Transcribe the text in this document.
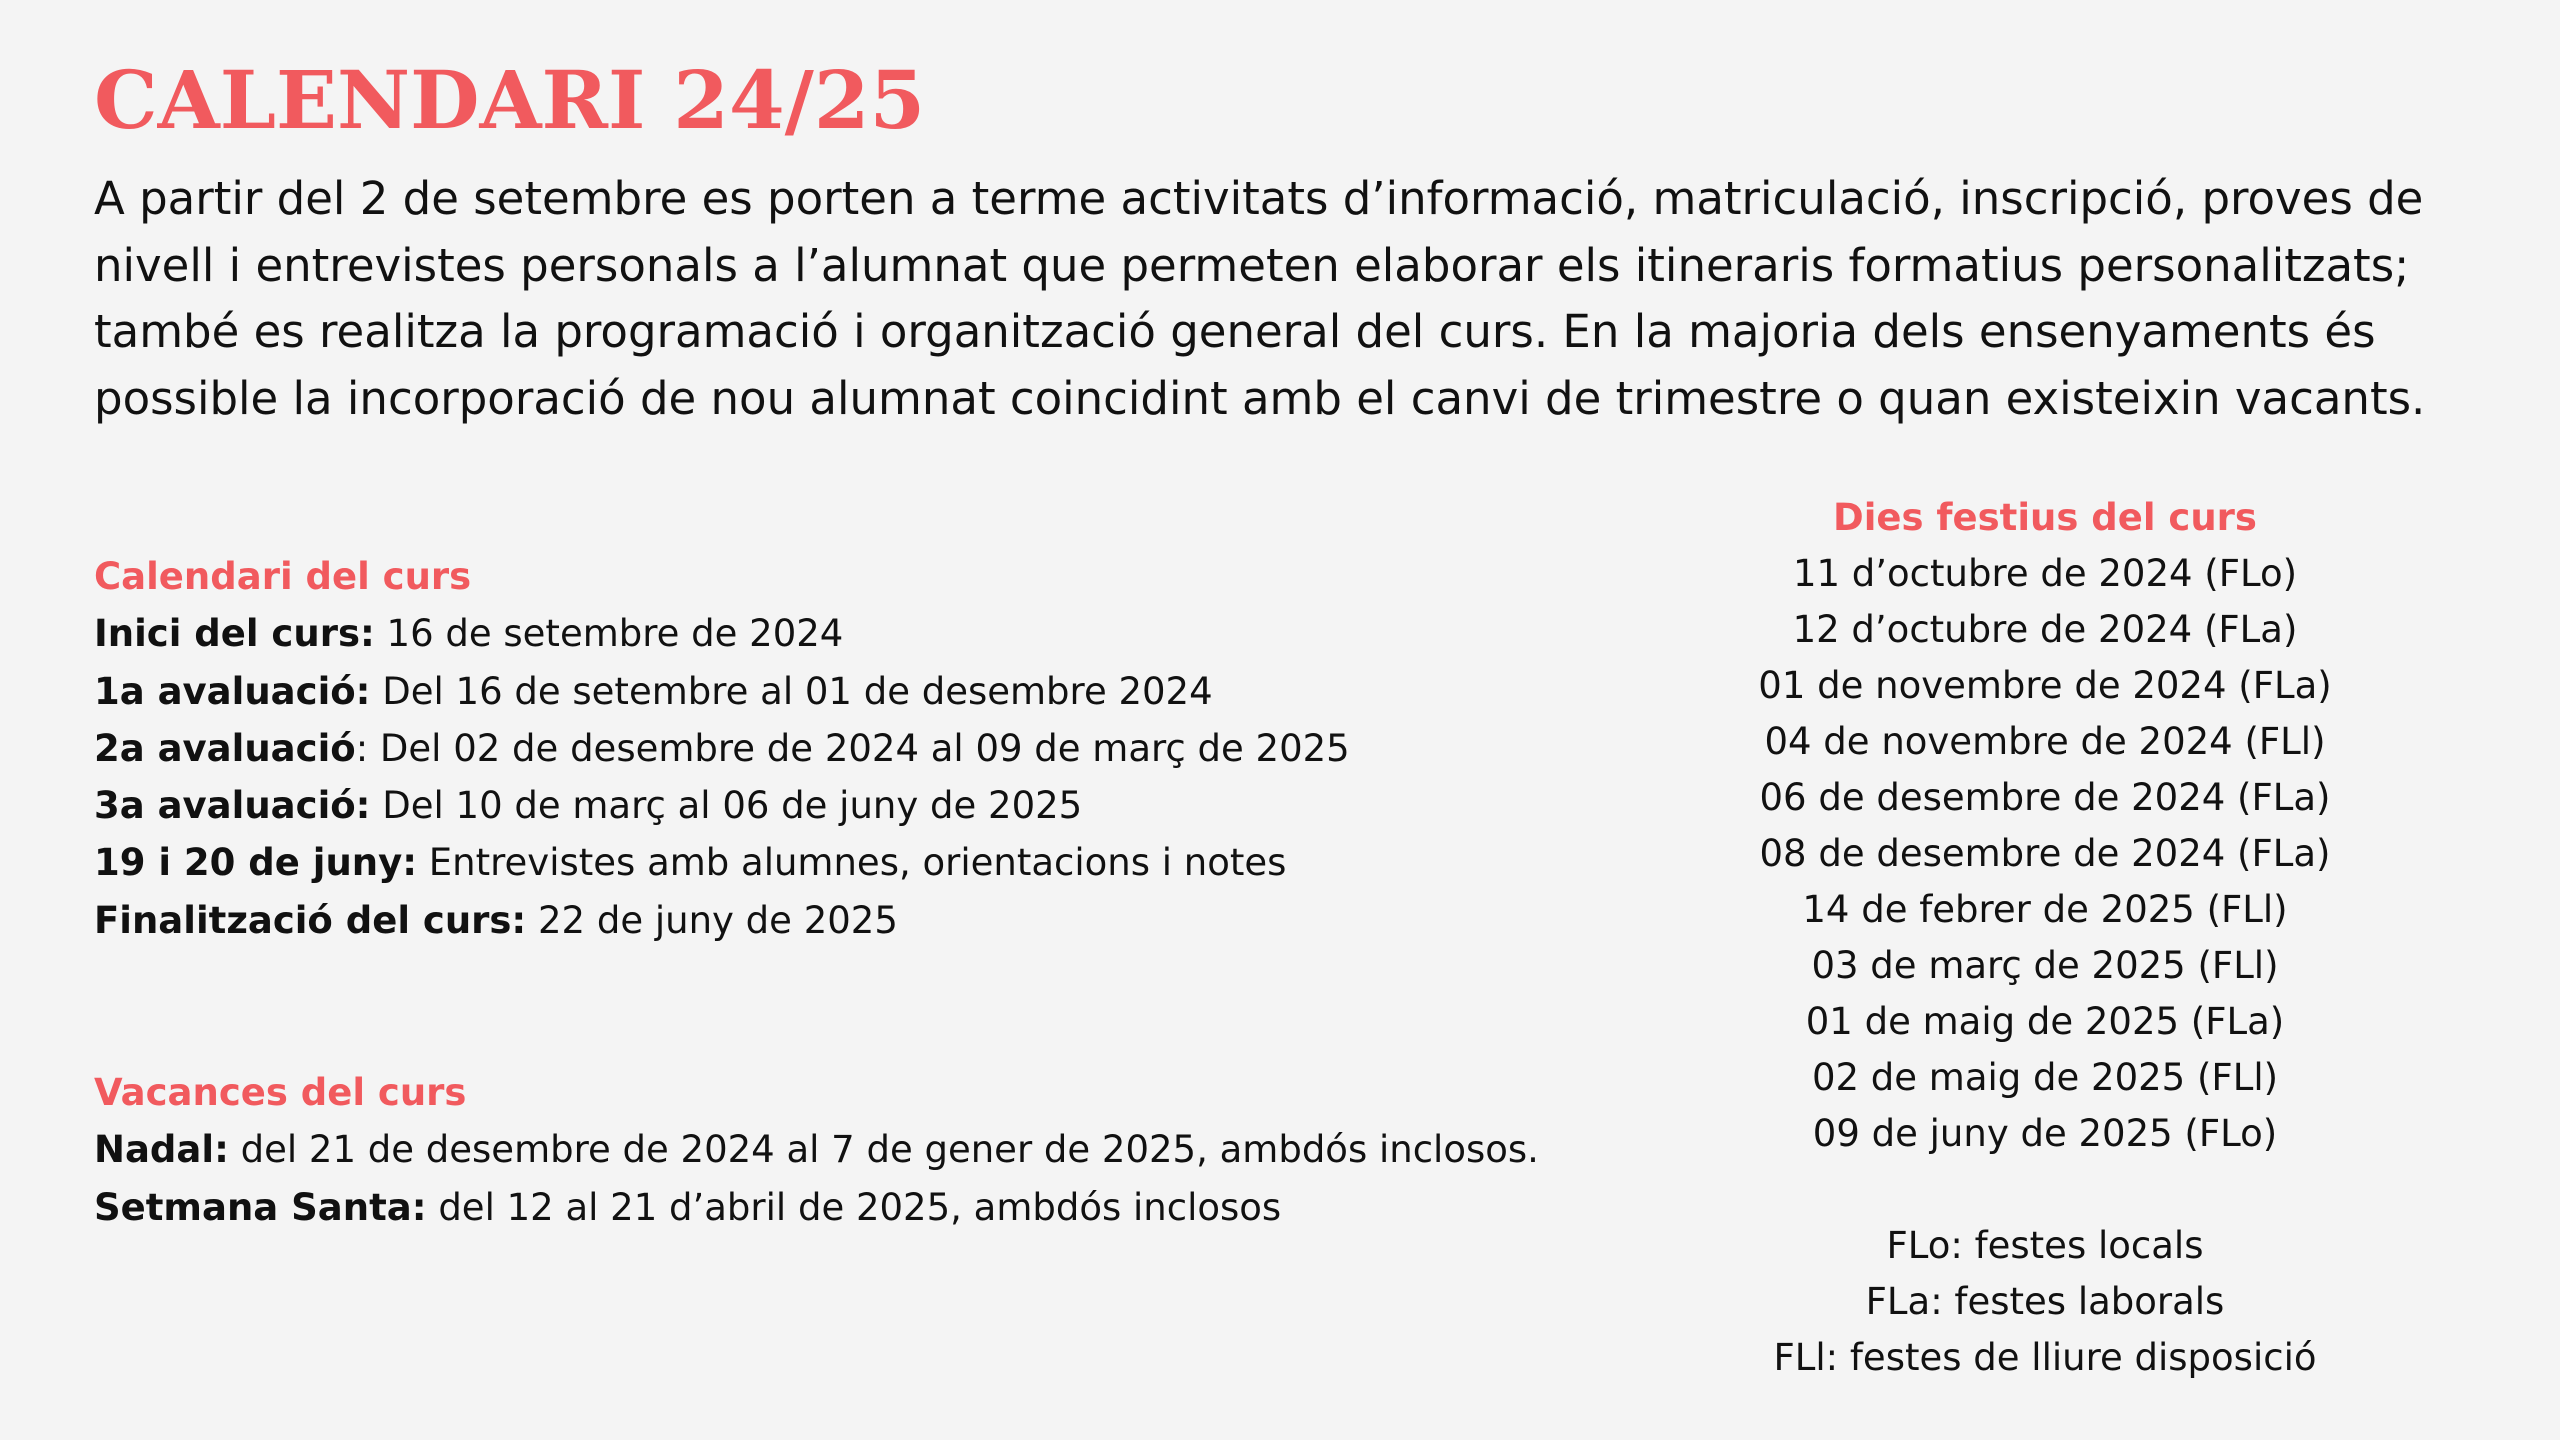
CALENDARI 24/25

A partir del 2 de setembre es porten a terme activitats d’informació, matriculació, inscripció, proves de nivell i entrevistes personals a l’alumnat que permeten elaborar els itineraris formatius personalitzats; també es realitza la programació i organització general del curs. En la majoria dels ensenyaments és possible la incorporació de nou alumnat coincidint amb el canvi de trimestre o quan existeixin vacants.

Calendari del curs
Inici del curs: 16 de setembre de 2024
1a avaluació: Del 16 de setembre al 01 de desembre 2024
2a avaluació: Del 02 de desembre de 2024 al 09 de març de 2025
3a avaluació: Del 10 de març al 06 de juny de 2025
19 i 20 de juny: Entrevistes amb alumnes, orientacions i notes
Finalització del curs: 22 de juny de 2025
Vacances del curs
Nadal: del 21 de desembre de 2024 al 7 de gener de 2025, ambdós inclosos.
Setmana Santa: del 12 al 21 d’abril de 2025, ambdós inclosos
Dies festius del curs
11 d’octubre de 2024 (FLo)
12 d’octubre de 2024 (FLa)
01 de novembre de 2024 (FLa)
04 de novembre de 2024 (FLl)
06 de desembre de 2024 (FLa)
08 de desembre de 2024 (FLa)
14 de febrer de 2025 (FLl)
03 de març de 2025 (FLl)
01 de maig de 2025 (FLa)
02 de maig de 2025 (FLl)
09 de juny de 2025 (FLo)
FLo: festes locals
FLa: festes laborals
FLl: festes de lliure disposició
